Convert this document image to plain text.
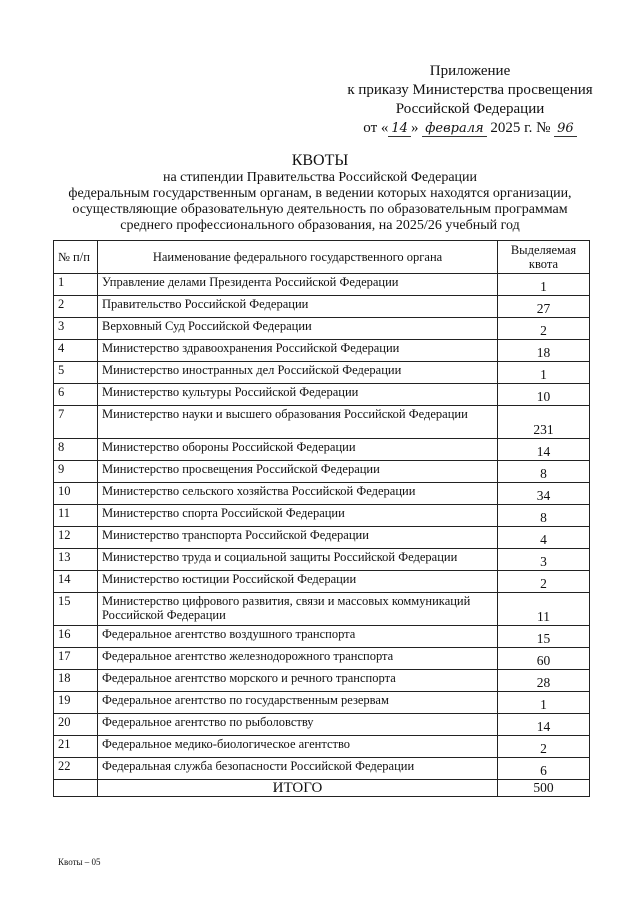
Приложение
к приказу Министерства просвещения
Российской Федерации
от « 14 » февраля 2025 г. № 96
КВОТЫ
на стипендии Правительства Российской Федерации
федеральным государственным органам, в ведении которых находятся организации,
осуществляющие образовательную деятельность по образовательным программам
среднего профессионального образования, на 2025/26 учебный год
№ п/п	Наименование федерального государственного органа	Выделяемая квота
1	Управление делами Президента Российской Федерации	1
2	Правительство Российской Федерации	27
3	Верховный Суд Российской Федерации	2
4	Министерство здравоохранения Российской Федерации	18
5	Министерство иностранных дел Российской Федерации	1
6	Министерство культуры Российской Федерации	10
7	Министерство науки и высшего образования Российской Федерации	231
8	Министерство обороны Российской Федерации	14
9	Министерство просвещения Российской Федерации	8
10	Министерство сельского хозяйства Российской Федерации	34
11	Министерство спорта Российской Федерации	8
12	Министерство транспорта Российской Федерации	4
13	Министерство труда и социальной защиты Российской Федерации	3
14	Министерство юстиции Российской Федерации	2
15	Министерство цифрового развития, связи и массовых коммуникаций Российской Федерации	11
16	Федеральное агентство воздушного транспорта	15
17	Федеральное агентство железнодорожного транспорта	60
18	Федеральное агентство морского и речного транспорта	28
19	Федеральное агентство по государственным резервам	1
20	Федеральное агентство по рыболовству	14
21	Федеральное медико-биологическое агентство	2
22	Федеральная служба безопасности Российской Федерации	6
	ИТОГО	500
Квоты – 05
